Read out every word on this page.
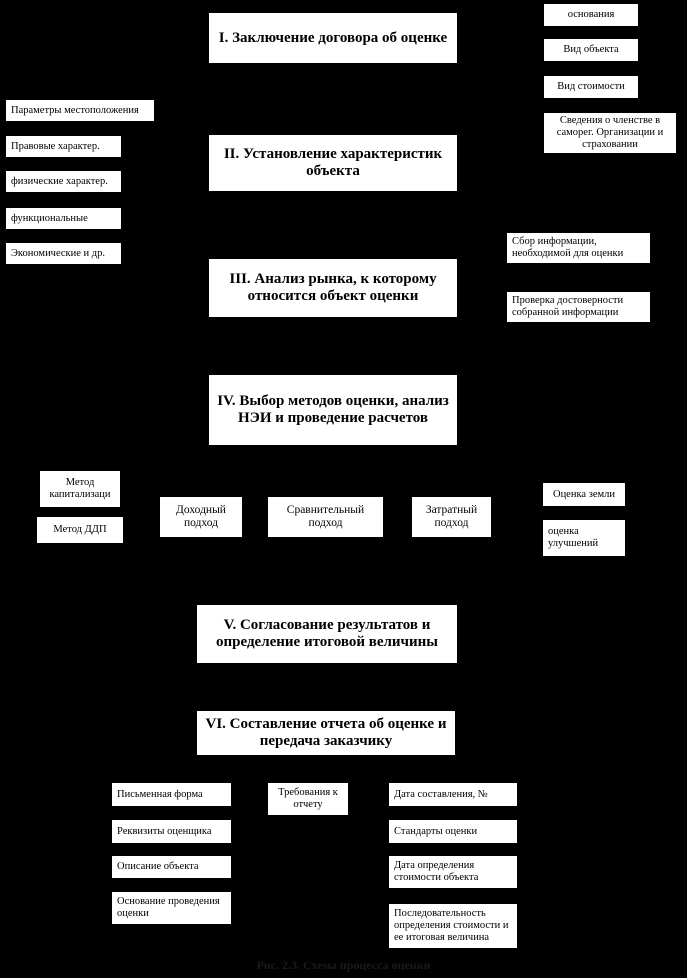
I. Заключение договора об оценке
II. Установление характеристик объекта
III. Анализ рынка, к которому относится объект оценки
IV. Выбор методов оценки, анализ НЭИ и проведение расчетов
V. Согласование результатов и определение итоговой величины
VI. Составление отчета об оценке и передача заказчику
основания
Вид объекта
Вид стоимости
Сведения о членстве в саморег. Организации и страховании
Параметры местоположения
Правовые характер.
физические характер.
функциональные
Экономические и др.
Сбор информации, необходимой для оценки
Проверка достоверности собранной информации
Доходный подход
Сравнительный подход
Затратный подход
Метод капитализаци
Метод ДДП
Оценка земли
оценка улучшений
Письменная форма
Реквизиты оценщика
Описание объекта
Основание проведения оценки
Требования к отчету
Дата составления, №
Стандарты оценки
Дата определения стоимости объекта
Последовательность определения стоимости и ее итоговая величина
Рис. 2.3. Схема процесса оценки
